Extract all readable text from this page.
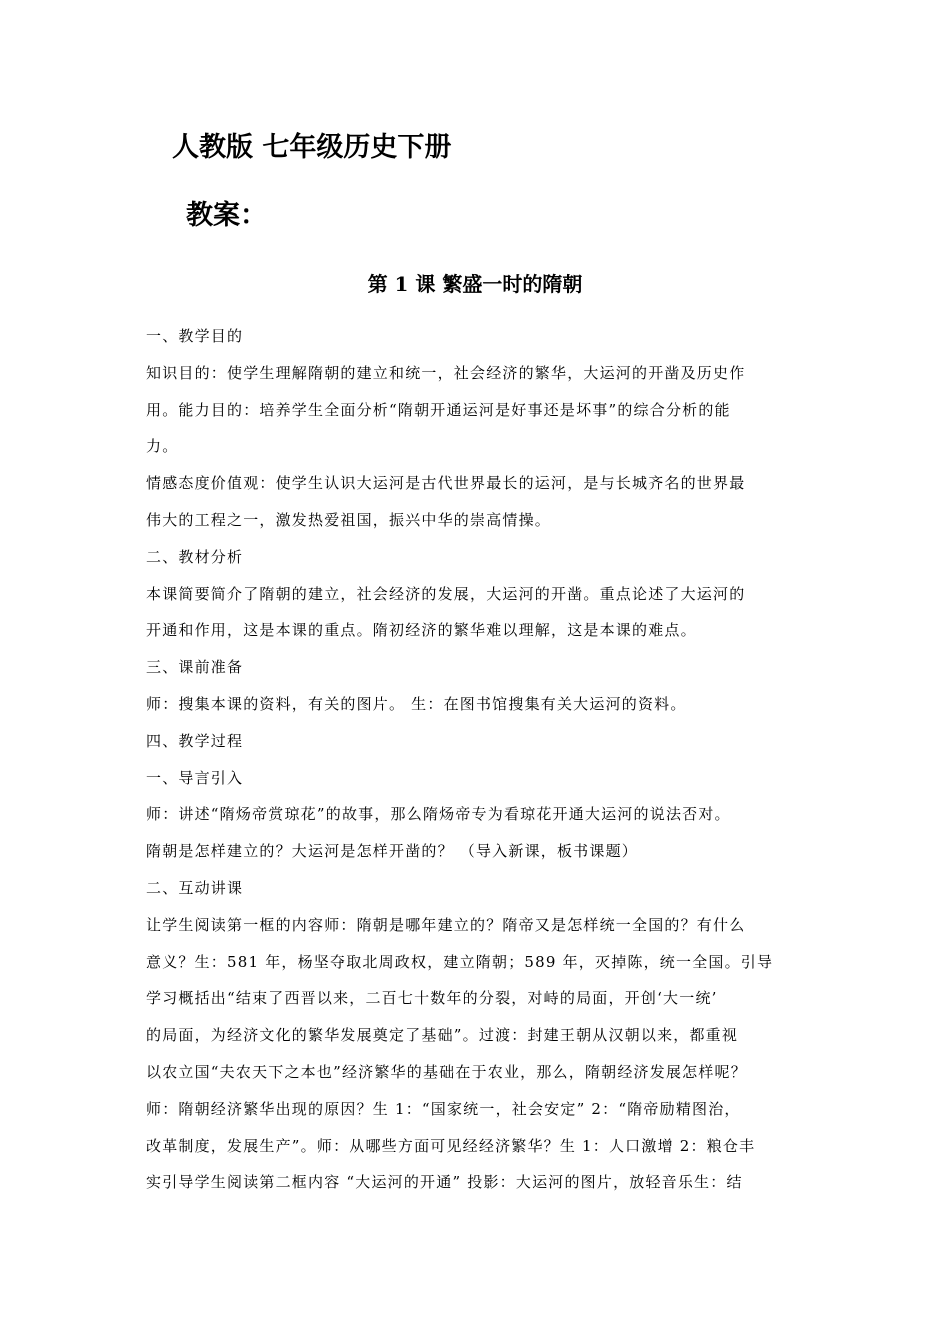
人教版 七年级历史下册
教案：
第 1 课 繁盛一时的隋朝
一、教学目的
知识目的：使学生理解隋朝的建立和统一，社会经济的繁华，大运河的开凿及历史作
用。能力目的：培养学生全面分析“隋朝开通运河是好事还是坏事”的综合分析的能
力。
情感态度价值观：使学生认识大运河是古代世界最长的运河，是与长城齐名的世界最
伟大的工程之一，激发热爱祖国，振兴中华的崇高情操。
二、教材分析
本课简要简介了隋朝的建立，社会经济的发展，大运河的开凿。重点论述了大运河的
开通和作用，这是本课的重点。隋初经济的繁华难以理解，这是本课的难点。
三、课前准备
师：搜集本课的资料，有关的图片。 生：在图书馆搜集有关大运河的资料。
四、教学过程
一、导言引入
师：讲述“隋炀帝赏琼花”的故事，那么隋炀帝专为看琼花开通大运河的说法否对。
隋朝是怎样建立的？大运河是怎样开凿的？ （导入新课，板书课题）
二、互动讲课
让学生阅读第一框的内容师：隋朝是哪年建立的？隋帝又是怎样统一全国的？有什么
意义？生：581 年，杨坚夺取北周政权，建立隋朝；589 年，灭掉陈，统一全国。引导
学习概括出“结束了西晋以来，二百七十数年的分裂，对峙的局面，开创‘大一统’
的局面，为经济文化的繁华发展奠定了基础”。过渡：封建王朝从汉朝以来，都重视
以农立国“夫农天下之本也”经济繁华的基础在于农业，那么，隋朝经济发展怎样呢？
师：隋朝经济繁华出现的原因？生 1：“国家统一，社会安定” 2：“隋帝励精图治，
改革制度，发展生产”。师：从哪些方面可见经经济繁华？生 1：人口激增 2：粮仓丰
实引导学生阅读第二框内容 “大运河的开通” 投影：大运河的图片，放轻音乐生：结
